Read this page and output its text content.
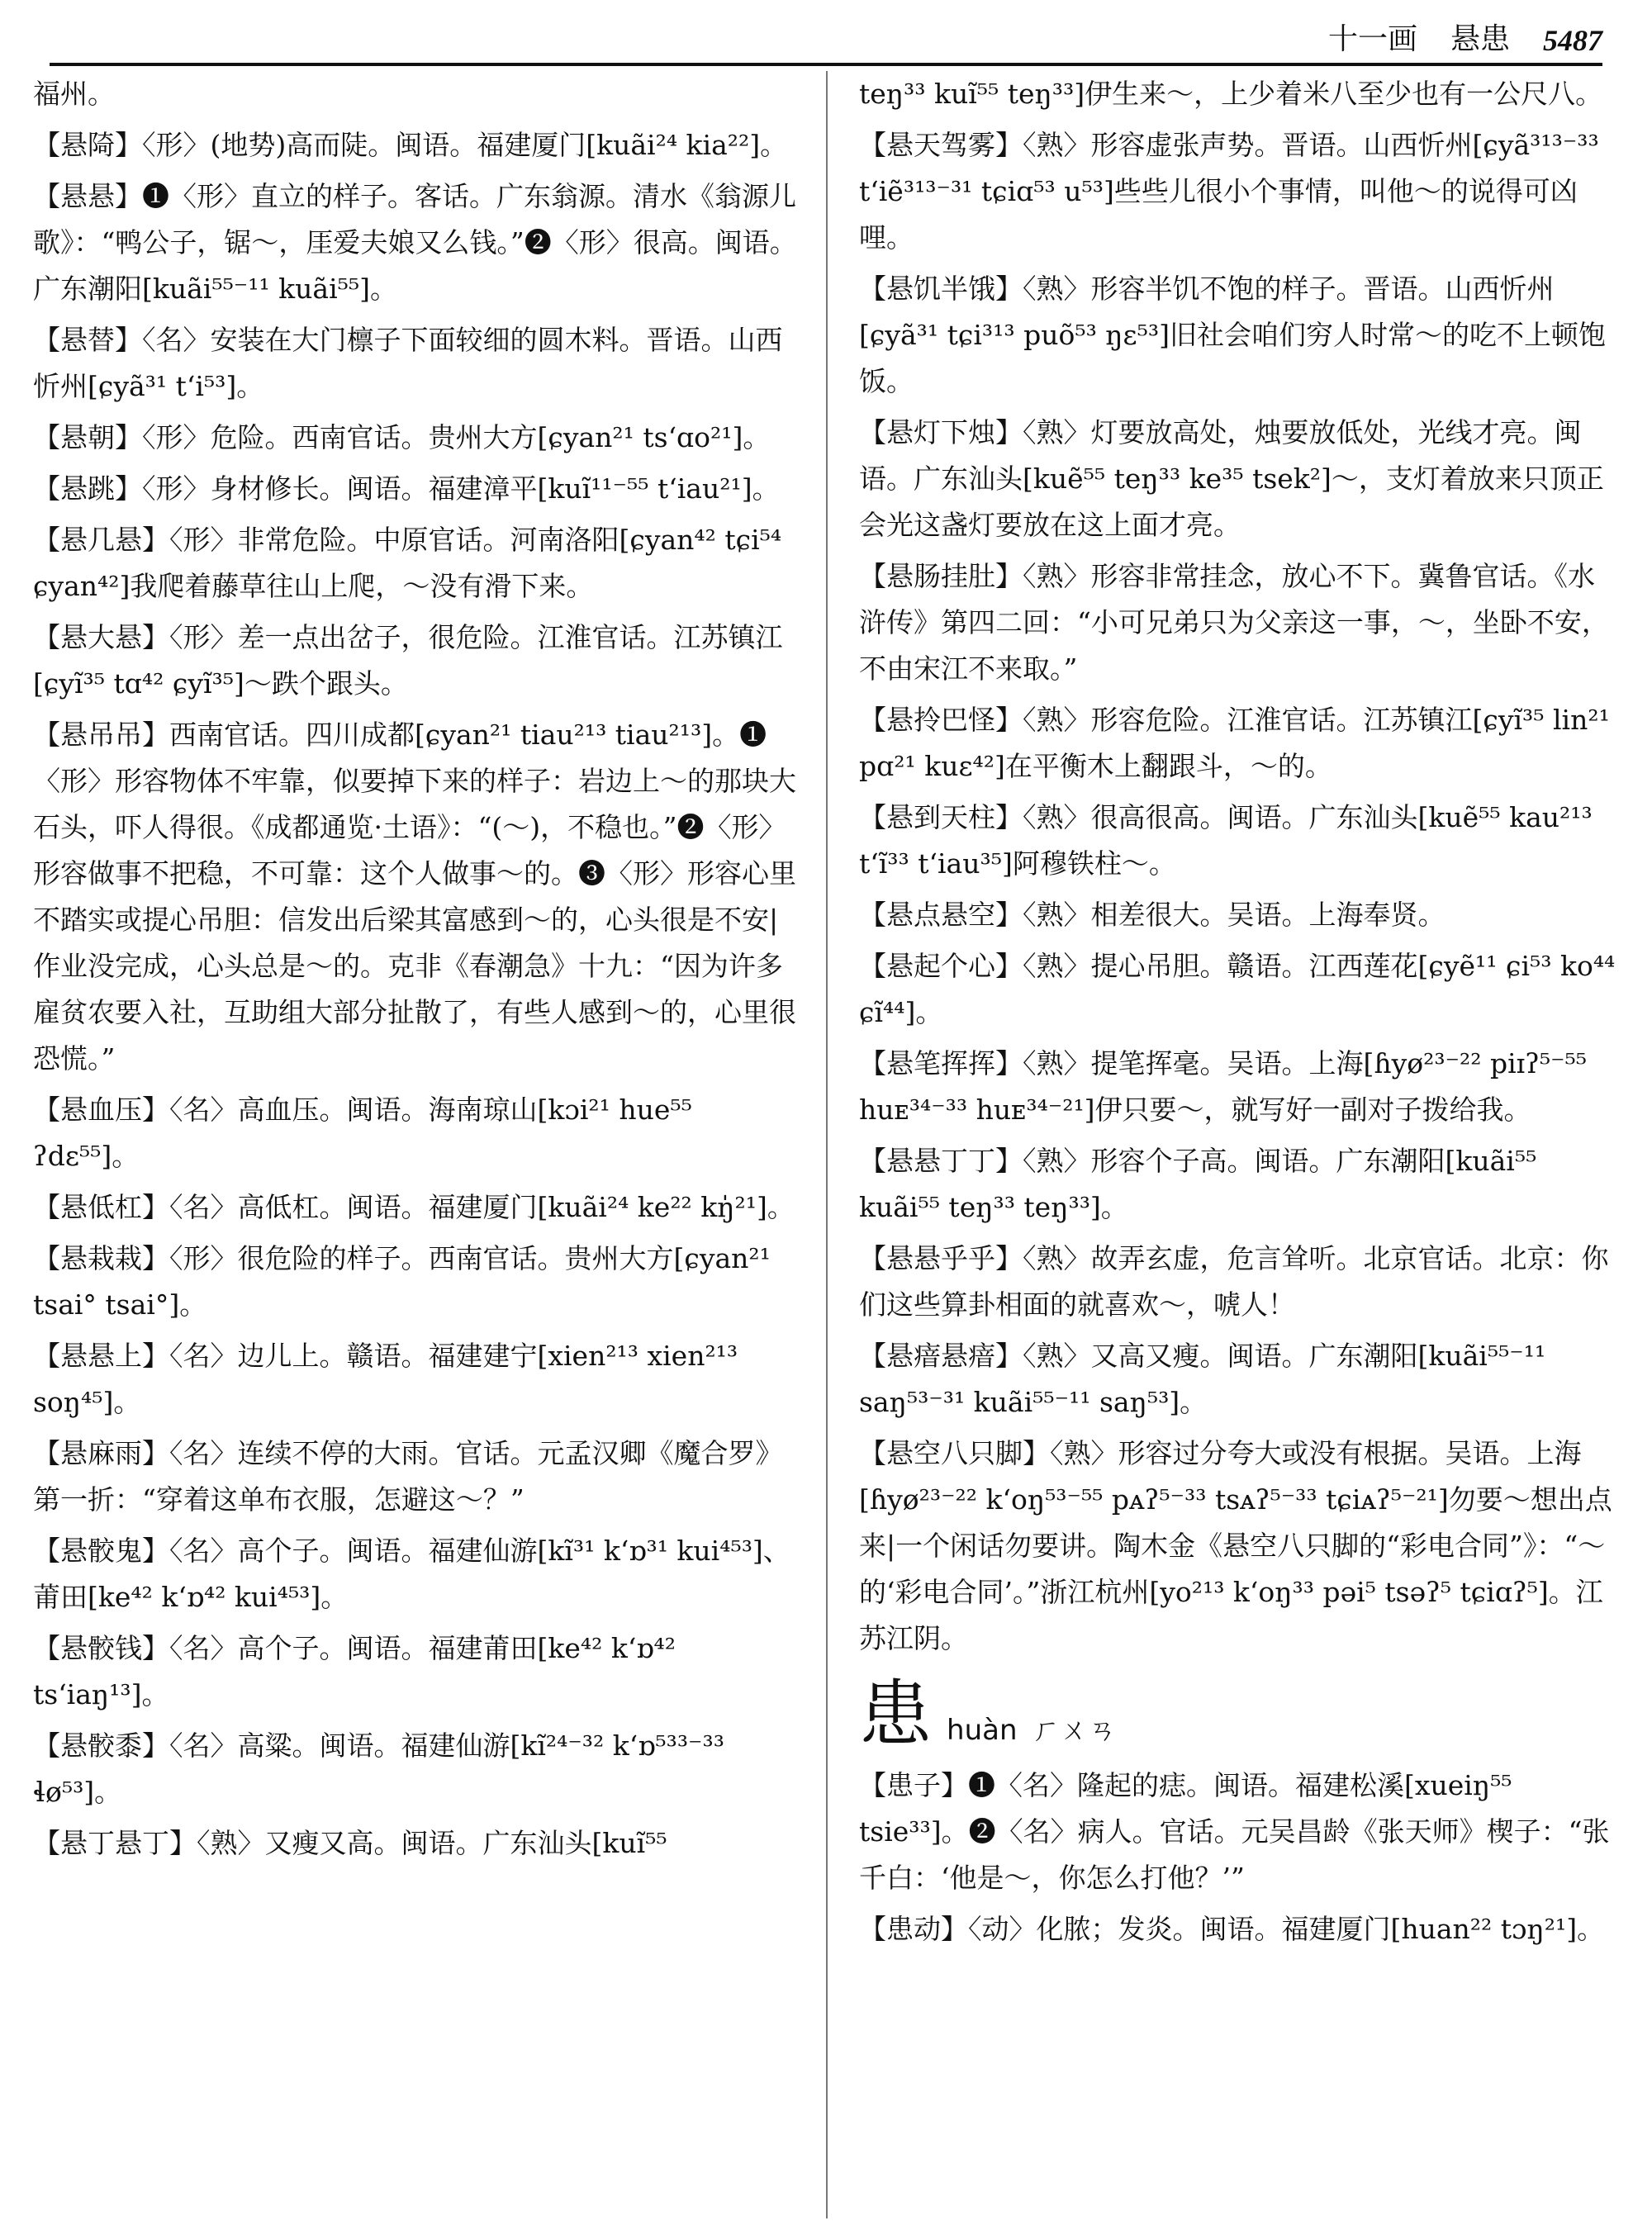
十一画 悬患 5487
福州。
【悬陭】〈形〉(地势)高而陡。闽语。福建厦门[kuãi²⁴ kia²²]。
【悬悬】❶〈形〉直立的样子。客话。广东翁源。清水《翁源儿歌》：“鸭公子，锯～，厓爱夫娘又么钱。”❷〈形〉很高。闽语。广东潮阳[kuãi⁵⁵⁻¹¹ kuãi⁵⁵]。
【悬替】〈名〉安装在大门檩子下面较细的圆木料。晋语。山西忻州[ɕyã³¹ t‘i⁵³]。
【悬朝】〈形〉危险。西南官话。贵州大方[ɕyan²¹ ts‘ɑo²¹]。
【悬跳】〈形〉身材修长。闽语。福建漳平[kuĩ¹¹⁻⁵⁵ t‘iau²¹]。
【悬几悬】〈形〉非常危险。中原官话。河南洛阳[ɕyan⁴² tɕi⁵⁴ ɕyan⁴²]我爬着藤草往山上爬，～没有滑下来。
【悬大悬】〈形〉差一点出岔子，很危险。江淮官话。江苏镇江[ɕyĩ³⁵ tɑ⁴² ɕyĩ³⁵]～跌个跟头。
【悬吊吊】西南官话。四川成都[ɕyan²¹ tiau²¹³ tiau²¹³]。❶〈形〉形容物体不牢靠，似要掉下来的样子：岩边上～的那块大石头，吓人得很。《成都通览·土语》：“(～)，不稳也。”❷〈形〉形容做事不把稳，不可靠：这个人做事～的。❸〈形〉形容心里不踏实或提心吊胆：信发出后梁其富感到～的，心头很是不安|作业没完成，心头总是～的。克非《春潮急》十九：“因为许多雇贫农要入社，互助组大部分扯散了，有些人感到～的，心里很恐慌。”
【悬血压】〈名〉高血压。闽语。海南琼山[kɔi²¹ hue⁵⁵ ʔdɛ⁵⁵]。
【悬低杠】〈名〉高低杠。闽语。福建厦门[kuãi²⁴ ke²² kŋ̍²¹]。
【悬栽栽】〈形〉很危险的样子。西南官话。贵州大方[ɕyan²¹ tsai° tsai°]。
【悬悬上】〈名〉边儿上。赣语。福建建宁[xien²¹³ xien²¹³ soŋ⁴⁵]。
【悬麻雨】〈名〉连续不停的大雨。官话。元孟汉卿《魔合罗》第一折：“穿着这单布衣服，怎避这～？”
【悬骹鬼】〈名〉高个子。闽语。福建仙游[kĩ³¹ k‘ɒ³¹ kui⁴⁵³]、莆田[ke⁴² k‘ɒ⁴² kui⁴⁵³]。
【悬骹钱】〈名〉高个子。闽语。福建莆田[ke⁴² k‘ɒ⁴² ts‘iaŋ¹³]。
【悬骹黍】〈名〉高粱。闽语。福建仙游[kĩ²⁴⁻³² k‘ɒ⁵³³⁻³³ ɬø⁵³]。
【悬丁悬丁】〈熟〉又瘦又高。闽语。广东汕头[kuĩ⁵⁵
teŋ³³ kuĩ⁵⁵ teŋ³³]伊生来～，上少着米八至少也有一公尺八。
【悬天驾雾】〈熟〉形容虚张声势。晋语。山西忻州[ɕyã³¹³⁻³³ t‘iẽ³¹³⁻³¹ tɕiɑ⁵³ u⁵³]些些儿很小个事情，叫他～的说得可凶哩。
【悬饥半饿】〈熟〉形容半饥不饱的样子。晋语。山西忻州[ɕyã³¹ tɕi³¹³ puõ⁵³ ŋɛ⁵³]旧社会咱们穷人时常～的吃不上顿饱饭。
【悬灯下烛】〈熟〉灯要放高处，烛要放低处，光线才亮。闽语。广东汕头[kuẽ⁵⁵ teŋ³³ ke³⁵ tsek²]～，支灯着放来只顶正会光这盏灯要放在这上面才亮。
【悬肠挂肚】〈熟〉形容非常挂念，放心不下。冀鲁官话。《水浒传》第四二回：“小可兄弟只为父亲这一事，～，坐卧不安，不由宋江不来取。”
【悬拎巴怪】〈熟〉形容危险。江淮官话。江苏镇江[ɕyĩ³⁵ lin²¹ pɑ²¹ kuɛ⁴²]在平衡木上翻跟斗，～的。
【悬到天柱】〈熟〉很高很高。闽语。广东汕头[kuẽ⁵⁵ kau²¹³ t‘ĩ³³ t‘iau³⁵]阿穆铁柱～。
【悬点悬空】〈熟〉相差很大。吴语。上海奉贤。
【悬起个心】〈熟〉提心吊胆。赣语。江西莲花[ɕyẽ¹¹ ɕi⁵³ ko⁴⁴ ɕĩ⁴⁴]。
【悬笔挥挥】〈熟〉提笔挥毫。吴语。上海[ɦyø²³⁻²² piɪʔ⁵⁻⁵⁵ huᴇ³⁴⁻³³ huᴇ³⁴⁻²¹]伊只要～，就写好一副对子拨给我。
【悬悬丁丁】〈熟〉形容个子高。闽语。广东潮阳[kuãi⁵⁵ kuãi⁵⁵ teŋ³³ teŋ³³]。
【悬悬乎乎】〈熟〉故弄玄虚，危言耸听。北京官话。北京：你们这些算卦相面的就喜欢～，唬人！
【悬瘖悬瘖】〈熟〉又高又瘦。闽语。广东潮阳[kuãi⁵⁵⁻¹¹ saŋ⁵³⁻³¹ kuãi⁵⁵⁻¹¹ saŋ⁵³]。
【悬空八只脚】〈熟〉形容过分夸大或没有根据。吴语。上海[ɦyø²³⁻²² k‘oŋ⁵³⁻⁵⁵ pᴀʔ⁵⁻³³ tsᴀʔ⁵⁻³³ tɕiᴀʔ⁵⁻²¹]勿要～想出点来|一个闲话勿要讲。陶木金《悬空八只脚的“彩电合同”》：“～的‘彩电合同’。”浙江杭州[yo²¹³ k‘oŋ³³ pəi⁵ tsəʔ⁵ tɕiɑʔ⁵]。江苏江阴。
患 huàn ㄏㄨㄢ
【患子】❶〈名〉隆起的痣。闽语。福建松溪[xueiŋ⁵⁵ tsie³³]。❷〈名〉病人。官话。元吴昌龄《张天师》楔子：“张千白：‘他是～，你怎么打他？’”
【患动】〈动〉化脓；发炎。闽语。福建厦门[huan²² tɔŋ²¹]。
